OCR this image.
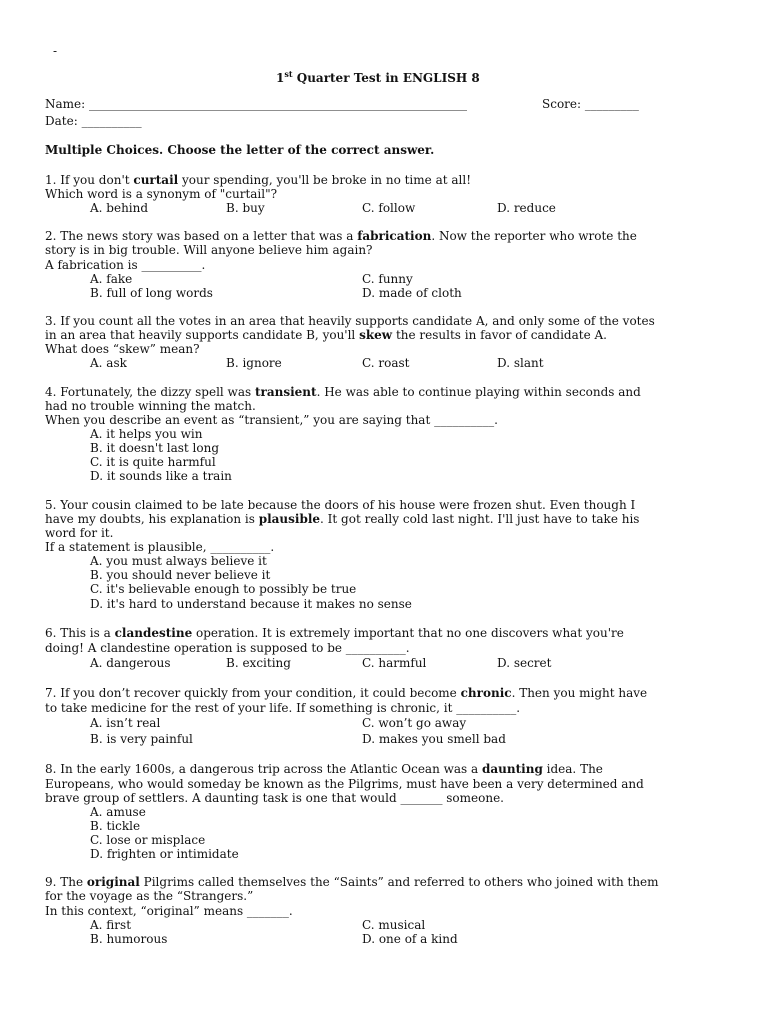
-
1st Quarter Test in ENGLISH 8
Name: _______________________________________________________________	Score: _________
Date: __________
Multiple Choices. Choose the letter of the correct answer.
1. If you don't curtail your spending, you'll be broke in no time at all!
Which word is a synonym of "curtail"?
A. behind	B. buy	C. follow	D. reduce
2. The news story was based on a letter that was a fabrication. Now the reporter who wrote the
story is in big trouble. Will anyone believe him again?
A fabrication is __________.
A. fake	C. funny
B. full of long words	D. made of cloth
3. If you count all the votes in an area that heavily supports candidate A, and only some of the votes
in an area that heavily supports candidate B, you'll skew the results in favor of candidate A.
What does “skew” mean?
A. ask	B. ignore	C. roast	D. slant
4. Fortunately, the dizzy spell was transient. He was able to continue playing within seconds and
had no trouble winning the match.
When you describe an event as “transient,” you are saying that __________.
A. it helps you win
B. it doesn't last long
C. it is quite harmful
D. it sounds like a train
5. Your cousin claimed to be late because the doors of his house were frozen shut. Even though I
have my doubts, his explanation is plausible. It got really cold last night. I'll just have to take his
word for it.
If a statement is plausible, __________.
A. you must always believe it
B. you should never believe it
C. it's believable enough to possibly be true
D. it's hard to understand because it makes no sense
6. This is a clandestine operation. It is extremely important that no one discovers what you're
doing! A clandestine operation is supposed to be __________.
A. dangerous	B. exciting	C. harmful	D. secret
7. If you don’t recover quickly from your condition, it could become chronic. Then you might have
to take medicine for the rest of your life. If something is chronic, it __________.
A. isn’t real	C. won’t go away
B. is very painful	D. makes you smell bad
8. In the early 1600s, a dangerous trip across the Atlantic Ocean was a daunting idea. The
Europeans, who would someday be known as the Pilgrims, must have been a very determined and
brave group of settlers. A daunting task is one that would _______ someone.
A. amuse
B. tickle
C. lose or misplace
D. frighten or intimidate
9. The original Pilgrims called themselves the “Saints” and referred to others who joined with them
for the voyage as the “Strangers.”
In this context, “original” means _______.
A. first	C. musical
B. humorous	D. one of a kind
